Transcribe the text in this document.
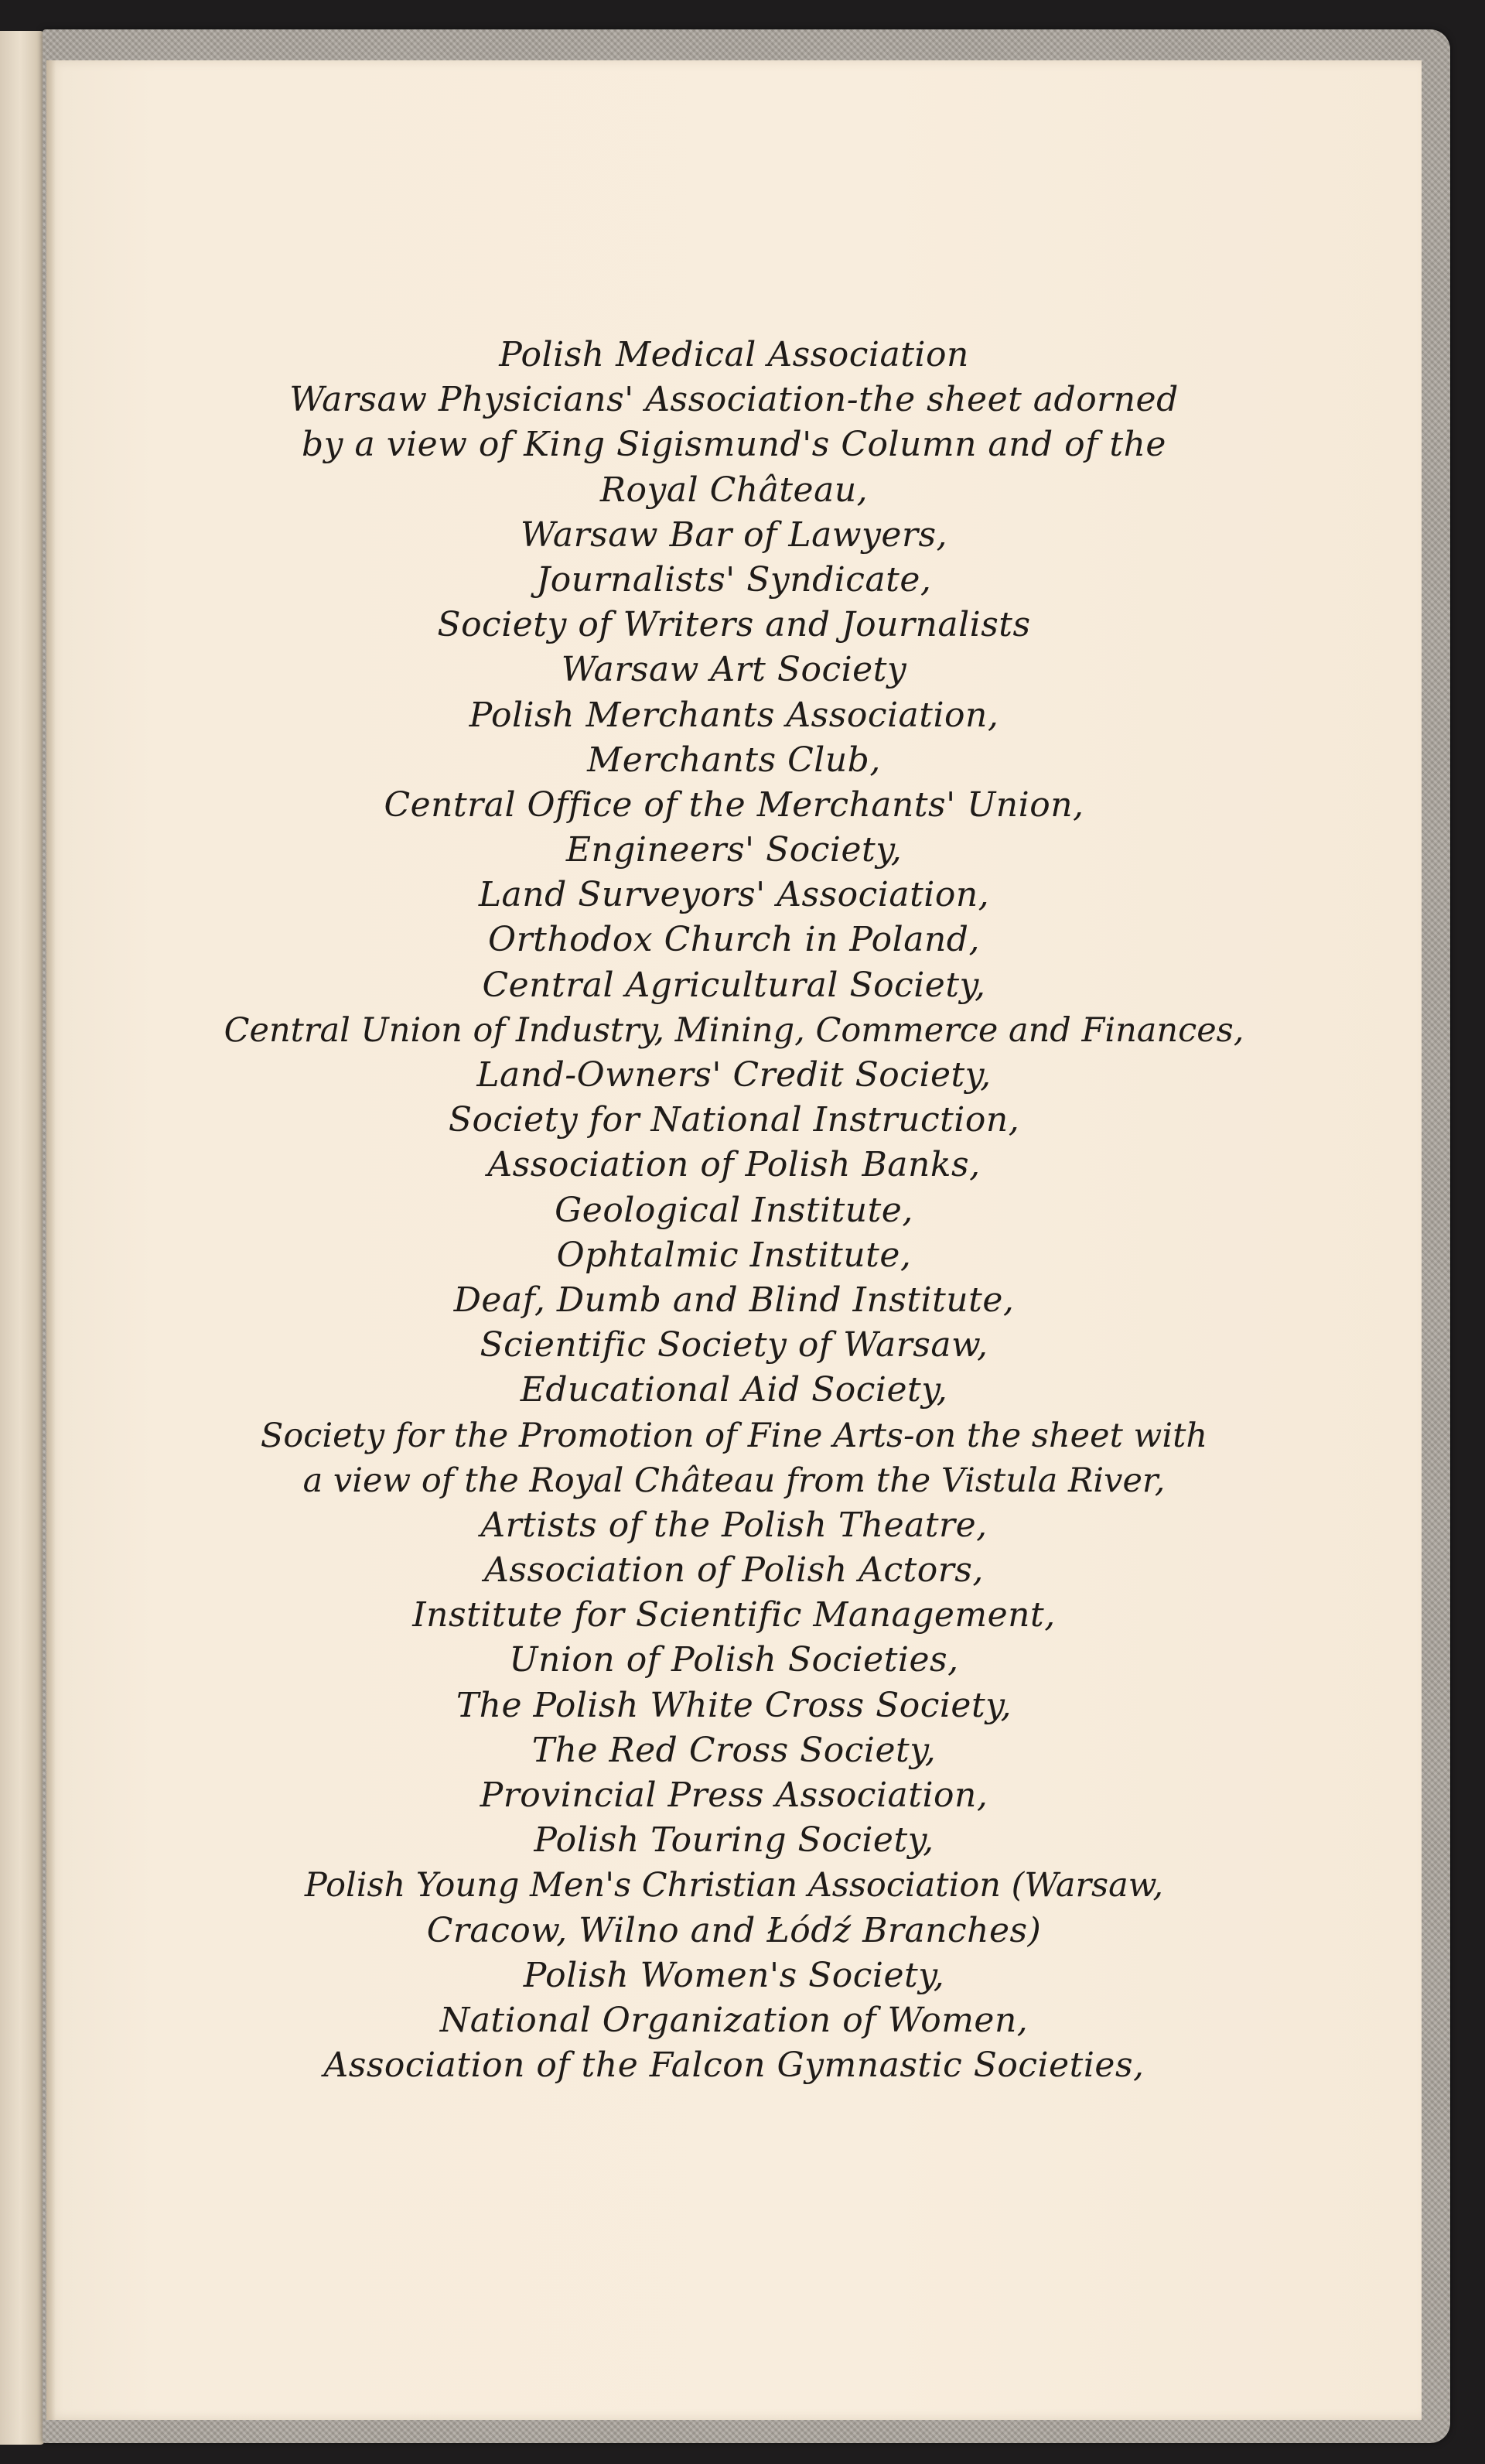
Polish Medical Association
Warsaw Physicians' Association-the sheet adorned
by a view of King Sigismund's Column and of the
Royal Château,
Warsaw Bar of Lawyers,
Journalists' Syndicate,
Society of Writers and Journalists
Warsaw Art Society
Polish Merchants Association,
Merchants Club,
Central Office of the Merchants' Union,
Engineers' Society,
Land Surveyors' Association,
Orthodox Church in Poland,
Central Agricultural Society,
Central Union of Industry, Mining, Commerce and Finances,
Land-Owners' Credit Society,
Society for National Instruction,
Association of Polish Banks,
Geological Institute,
Ophtalmic Institute,
Deaf, Dumb and Blind Institute,
Scientific Society of Warsaw,
Educational Aid Society,
Society for the Promotion of Fine Arts-on the sheet with
a view of the Royal Château from the Vistula River,
Artists of the Polish Theatre,
Association of Polish Actors,
Institute for Scientific Management,
Union of Polish Societies,
The Polish White Cross Society,
The Red Cross Society,
Provincial Press Association,
Polish Touring Society,
Polish Young Men's Christian Association (Warsaw,
Cracow, Wilno and Łódź Branches)
Polish Women's Society,
National Organization of Women,
Association of the Falcon Gymnastic Societies,
